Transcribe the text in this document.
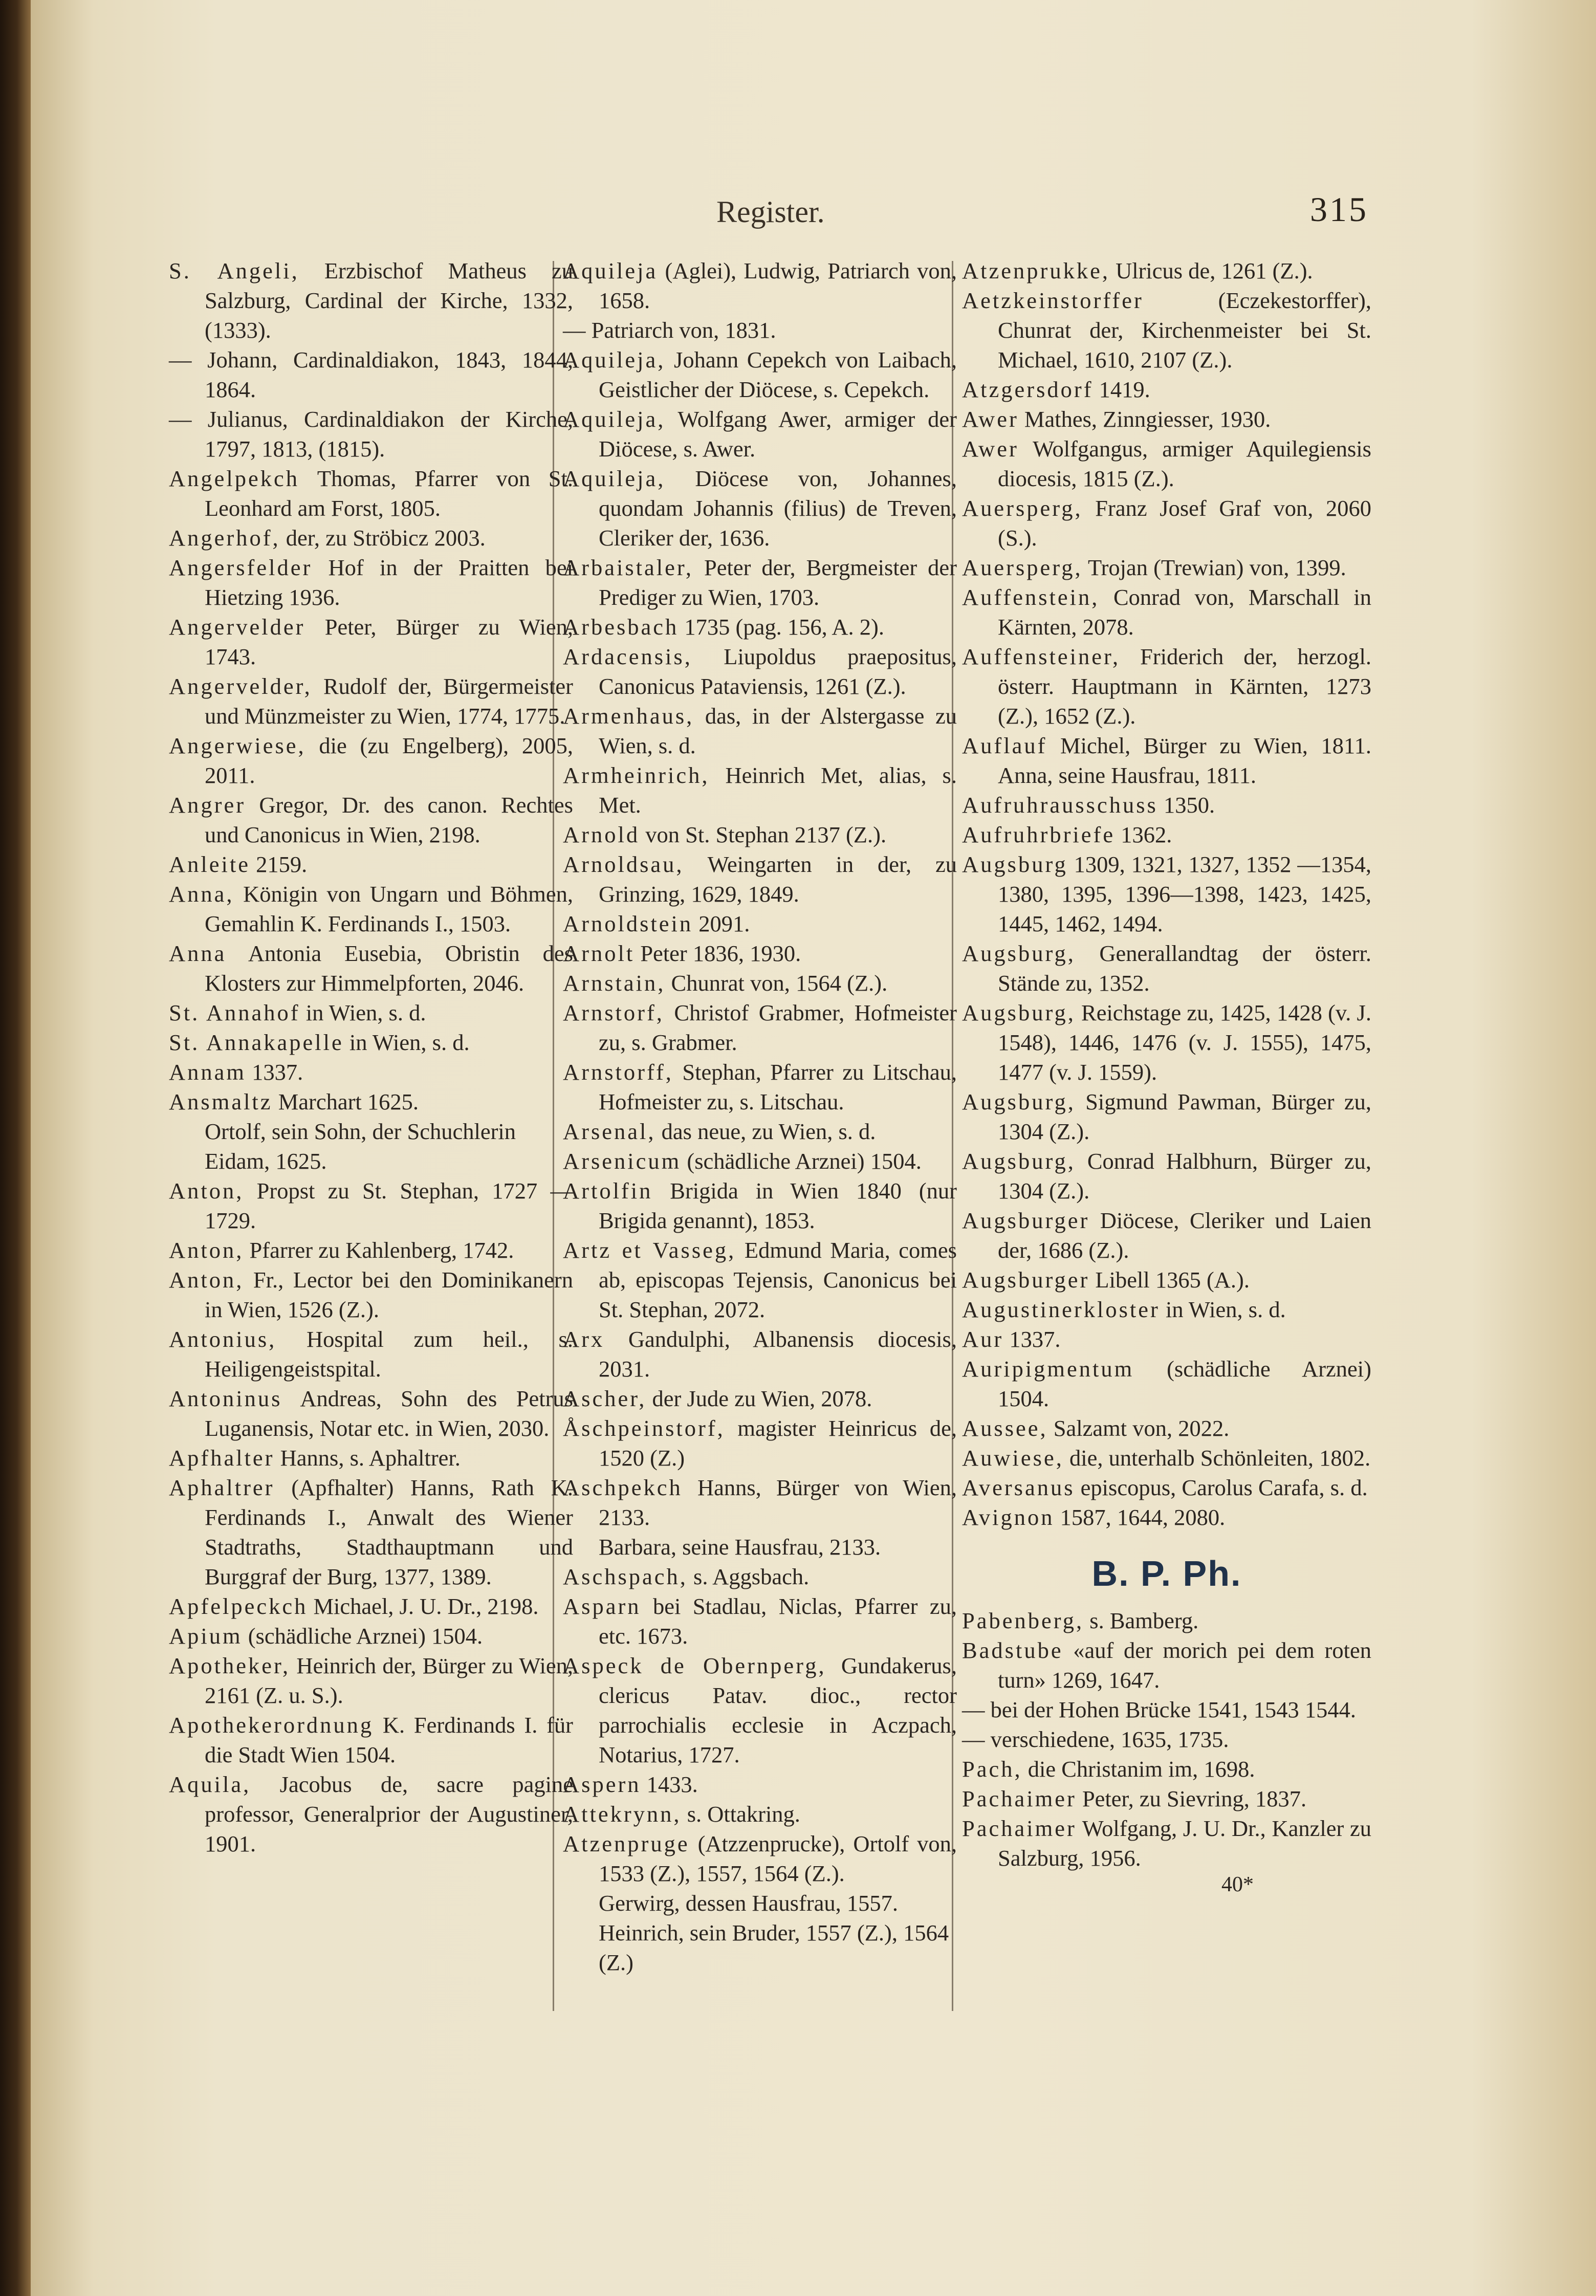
Register.	315
S. Angeli, Erzbischof Matheus zu Salzburg, Cardinal der Kirche, 1332, (1333).
— Johann, Cardinaldiakon, 1843, 1844, 1864.
— Julianus, Cardinaldiakon der Kirche, 1797, 1813, (1815).
Angelpekch Thomas, Pfarrer von St. Leonhard am Forst, 1805.
Angerhof, der, zu Ströbicz 2003.
Angersfelder Hof in der Praitten bei Hietzing 1936.
Angervelder Peter, Bürger zu Wien, 1743.
Angervelder, Rudolf der, Bürgermeister und Münzmeister zu Wien, 1774, 1775.
Angerwiese, die (zu Engelberg), 2005, 2011.
Angrer Gregor, Dr. des canon. Rechtes und Canonicus in Wien, 2198.
Anleite 2159.
Anna, Königin von Ungarn und Böhmen, Gemahlin K. Ferdinands I., 1503.
Anna Antonia Eusebia, Obristin des Klosters zur Himmelpforten, 2046.
St. Annahof in Wien, s. d.
St. Annakapelle in Wien, s. d.
Annam 1337.
Ansmaltz Marchart 1625.
Ortolf, sein Sohn, der Schuchlerin Eidam, 1625.
Anton, Propst zu St. Stephan, 1727 —1729.
Anton, Pfarrer zu Kahlenberg, 1742.
Anton, Fr., Lector bei den Dominikanern in Wien, 1526 (Z.).
Antonius, Hospital zum heil., s. Heiligengeistspital.
Antoninus Andreas, Sohn des Petrus Luganensis, Notar etc. in Wien, 2030.
Apfhalter Hanns, s. Aphaltrer.
Aphaltrer (Apfhalter) Hanns, Rath K. Ferdinands I., Anwalt des Wiener Stadtraths, Stadthauptmann und Burggraf der Burg, 1377, 1389.
Apfelpeckch Michael, J. U. Dr., 2198.
Apium (schädliche Arznei) 1504.
Apotheker, Heinrich der, Bürger zu Wien, 2161 (Z. u. S.).
Apothekerordnung K. Ferdinands I. für die Stadt Wien 1504.
Aquila, Jacobus de, sacre pagine professor, Generalprior der Augustiner, 1901.
Aquileja (Aglei), Ludwig, Patriarch von, 1658.
— Patriarch von, 1831.
Aquileja, Johann Cepekch von Laibach, Geistlicher der Diöcese, s. Cepekch.
Aquileja, Wolfgang Awer, armiger der Diöcese, s. Awer.
Aquileja, Diöcese von, Johannes, quondam Johannis (filius) de Treven, Cleriker der, 1636.
Arbaistaler, Peter der, Bergmeister der Prediger zu Wien, 1703.
Arbesbach 1735 (pag. 156, A. 2).
Ardacensis, Liupoldus praepositus, Canonicus Pataviensis, 1261 (Z.).
Armenhaus, das, in der Alstergasse zu Wien, s. d.
Armheinrich, Heinrich Met, alias, s. Met.
Arnold von St. Stephan 2137 (Z.).
Arnoldsau, Weingarten in der, zu Grinzing, 1629, 1849.
Arnoldstein 2091.
Arnolt Peter 1836, 1930.
Arnstain, Chunrat von, 1564 (Z.).
Arnstorf, Christof Grabmer, Hofmeister zu, s. Grabmer.
Arnstorff, Stephan, Pfarrer zu Litschau, Hofmeister zu, s. Litschau.
Arsenal, das neue, zu Wien, s. d.
Arsenicum (schädliche Arznei) 1504.
Artolfin Brigida in Wien 1840 (nur Brigida genannt), 1853.
Artz et Vasseg, Edmund Maria, comes ab, episcopas Tejensis, Canonicus bei St. Stephan, 2072.
Arx Gandulphi, Albanensis diocesis, 2031.
Ascher, der Jude zu Wien, 2078.
Åschpeinstorf, magister Heinricus de, 1520 (Z.)
Aschpekch Hanns, Bürger von Wien, 2133.
Barbara, seine Hausfrau, 2133.
Aschspach, s. Aggsbach.
Asparn bei Stadlau, Niclas, Pfarrer zu, etc. 1673.
Aspeck de Obernperg, Gundakerus, clericus Patav. dioc., rector parrochialis ecclesie in Aczpach, Notarius, 1727.
Aspern 1433.
Attekrynn, s. Ottakring.
Atzenpruge (Atzzenprucke), Ortolf von, 1533 (Z.), 1557, 1564 (Z.).
Gerwirg, dessen Hausfrau, 1557.
Heinrich, sein Bruder, 1557 (Z.), 1564 (Z.)
Atzenprukke, Ulricus de, 1261 (Z.).
Aetzkeinstorffer (Eczekestorffer), Chunrat der, Kirchenmeister bei St. Michael, 1610, 2107 (Z.).
Atzgersdorf 1419.
Awer Mathes, Zinngiesser, 1930.
Awer Wolfgangus, armiger Aquilegiensis diocesis, 1815 (Z.).
Auersperg, Franz Josef Graf von, 2060 (S.).
Auersperg, Trojan (Trewian) von, 1399.
Auffenstein, Conrad von, Marschall in Kärnten, 2078.
Auffensteiner, Friderich der, herzogl. österr. Hauptmann in Kärnten, 1273 (Z.), 1652 (Z.).
Auflauf Michel, Bürger zu Wien, 1811. Anna, seine Hausfrau, 1811.
Aufruhrausschuss 1350.
Aufruhrbriefe 1362.
Augsburg 1309, 1321, 1327, 1352 —1354, 1380, 1395, 1396—1398, 1423, 1425, 1445, 1462, 1494.
Augsburg, Generallandtag der österr. Stände zu, 1352.
Augsburg, Reichstage zu, 1425, 1428 (v. J. 1548), 1446, 1476 (v. J. 1555), 1475, 1477 (v. J. 1559).
Augsburg, Sigmund Pawman, Bürger zu, 1304 (Z.).
Augsburg, Conrad Halbhurn, Bürger zu, 1304 (Z.).
Augsburger Diöcese, Cleriker und Laien der, 1686 (Z.).
Augsburger Libell 1365 (A.).
Augustinerkloster in Wien, s. d.
Aur 1337.
Auripigmentum (schädliche Arznei) 1504.
Aussee, Salzamt von, 2022.
Auwiese, die, unterhalb Schönleiten, 1802.
Aversanus episcopus, Carolus Carafa, s. d.
Avignon 1587, 1644, 2080.
B. P. Ph.
Pabenberg, s. Bamberg.
Badstube «auf der morich pei dem roten turn» 1269, 1647.
— bei der Hohen Brücke 1541, 1543 1544.
— verschiedene, 1635, 1735.
Pach, die Christanim im, 1698.
Pachaimer Peter, zu Sievring, 1837.
Pachaimer Wolfgang, J. U. Dr., Kanzler zu Salzburg, 1956.
40*
